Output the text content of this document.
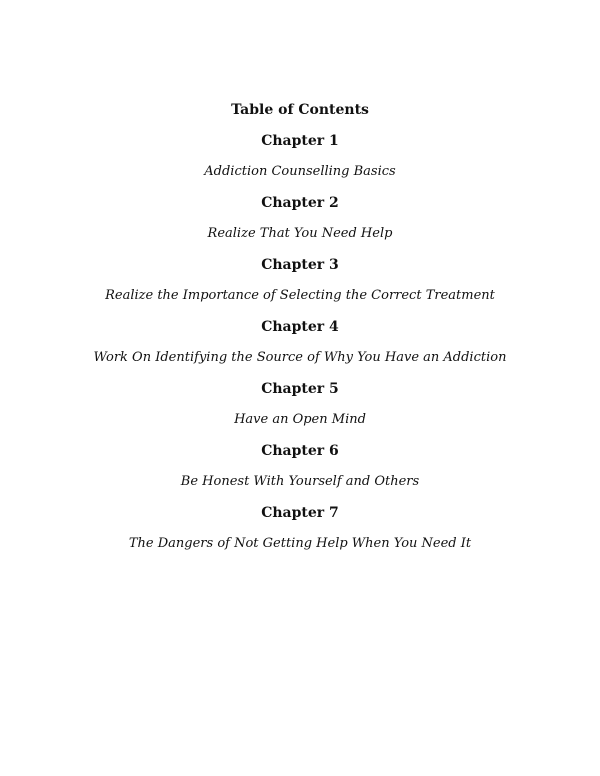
Table of Contents
Chapter 1
Addiction Counselling Basics
Chapter 2
Realize That You Need Help
Chapter 3
Realize the Importance of Selecting the Correct Treatment
Chapter 4
Work On Identifying the Source of Why You Have an Addiction
Chapter 5
Have an Open Mind
Chapter 6
Be Honest With Yourself and Others
Chapter 7
The Dangers of Not Getting Help When You Need It
